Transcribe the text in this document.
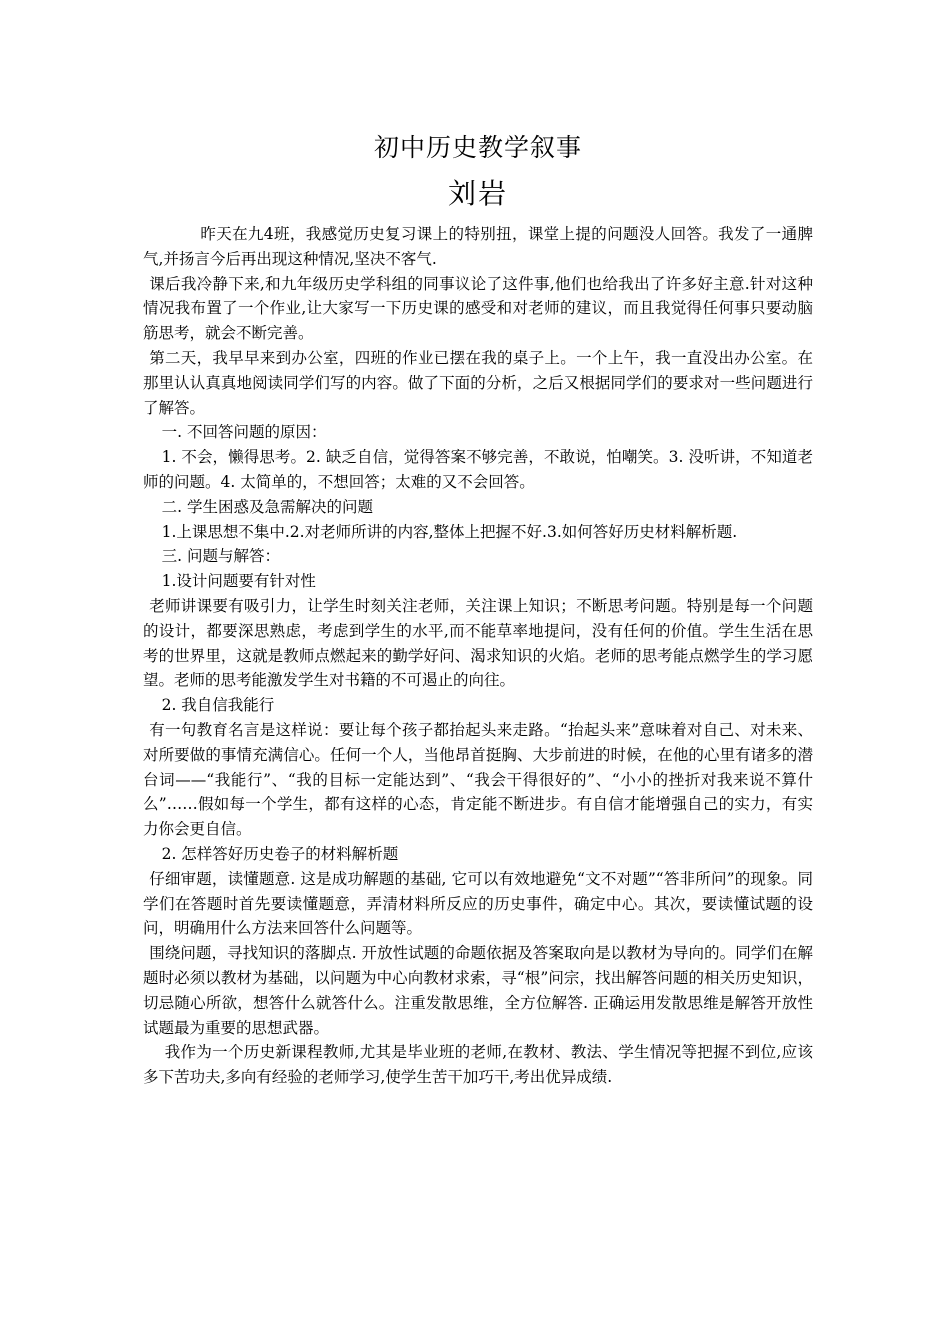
初中历史教学叙事
刘岩

昨天在九4班，我感觉历史复习课上的特别扭，课堂上提的问题没人回答。我发了一通脾气,并扬言今后再出现这种情况,坚决不客气.

课后我冷静下来,和九年级历史学科组的同事议论了这件事,他们也给我出了许多好主意.针对这种情况我布置了一个作业,让大家写一下历史课的感受和对老师的建议，而且我觉得任何事只要动脑筋思考，就会不断完善。

第二天，我早早来到办公室，四班的作业已摆在我的桌子上。一个上午，我一直没出办公室。在那里认认真真地阅读同学们写的内容。做了下面的分析，之后又根据同学们的要求对一些问题进行了解答。

一. 不回答问题的原因：

1. 不会，懒得思考。2. 缺乏自信，觉得答案不够完善，不敢说，怕嘲笑。3. 没听讲，不知道老师的问题。4. 太简单的，不想回答；太难的又不会回答。

二. 学生困惑及急需解决的问题

1.上课思想不集中.2.对老师所讲的内容,整体上把握不好.3.如何答好历史材料解析题.

三. 问题与解答：

1.设计问题要有针对性

老师讲课要有吸引力，让学生时刻关注老师，关注课上知识；不断思考问题。特别是每一个问题的设计，都要深思熟虑，考虑到学生的水平,而不能草率地提问，没有任何的价值。学生生活在思考的世界里，这就是教师点燃起来的勤学好问、渴求知识的火焰。老师的思考能点燃学生的学习愿望。老师的思考能激发学生对书籍的不可遏止的向往。

2. 我自信我能行

有一句教育名言是这样说：要让每个孩子都抬起头来走路。“抬起头来”意味着对自己、对未来、对所要做的事情充满信心。任何一个人，当他昂首挺胸、大步前进的时候，在他的心里有诸多的潜台词——“我能行”、“我的目标一定能达到”、“我会干得很好的”、“小小的挫折对我来说不算什么”……假如每一个学生，都有这样的心态，肯定能不断进步。有自信才能增强自己的实力，有实力你会更自信。

2. 怎样答好历史卷子的材料解析题

仔细审题，读懂题意. 这是成功解题的基础, 它可以有效地避免“文不对题”“答非所问”的现象。同学们在答题时首先要读懂题意，弄清材料所反应的历史事件，确定中心。其次，要读懂试题的设问，明确用什么方法来回答什么问题等。

围绕问题，寻找知识的落脚点. 开放性试题的命题依据及答案取向是以教材为导向的。同学们在解题时必须以教材为基础，以问题为中心向教材求索，寻“根”问宗，找出解答问题的相关历史知识，切忌随心所欲，想答什么就答什么。注重发散思维，全方位解答. 正确运用发散思维是解答开放性试题最为重要的思想武器。

我作为一个历史新课程教师,尤其是毕业班的老师,在教材、教法、学生情况等把握不到位,应该多下苦功夫,多向有经验的老师学习,使学生苦干加巧干,考出优异成绩.
